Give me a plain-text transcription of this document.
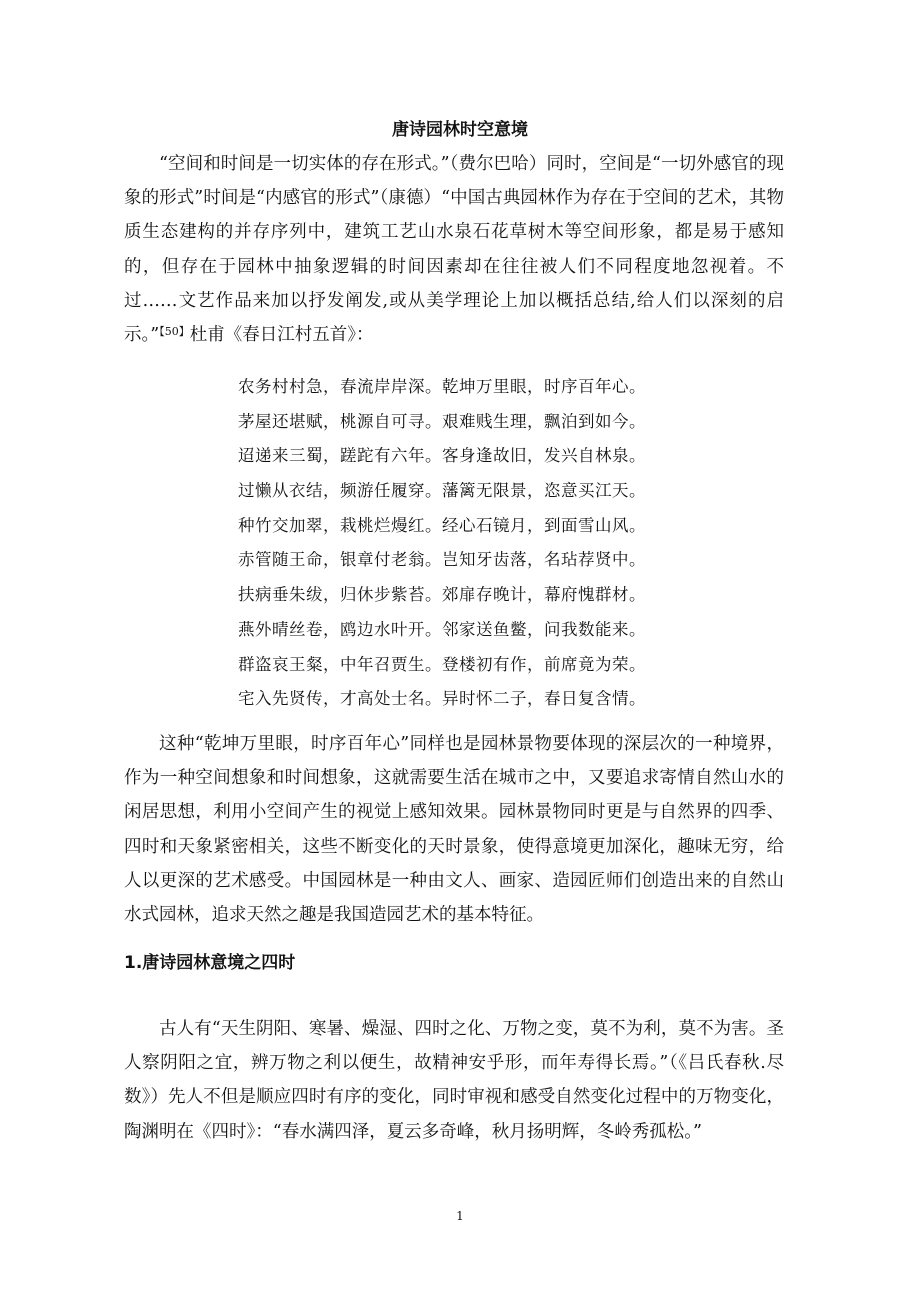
唐诗园林时空意境

“空间和时间是一切实体的存在形式。”（费尔巴哈）同时，空间是“一切外感官的现象的形式”时间是“内感官的形式”（康德）“中国古典园林作为存在于空间的艺术，其物质生态建构的并存序列中，建筑工艺山水泉石花草树木等空间形象，都是易于感知的，但存在于园林中抽象逻辑的时间因素却在往往被人们不同程度地忽视着。不过……文艺作品来加以抒发阐发,或从美学理论上加以概括总结,给人们以深刻的启示。”$^{【50】}$杜甫《春日江村五首》：

农务村村急，春流岸岸深。乾坤万里眼，时序百年心。
茅屋还堪赋，桃源自可寻。艰难贱生理，飘泊到如今。
迢递来三蜀，蹉跎有六年。客身逢故旧，发兴自林泉。
过懒从衣结，频游任履穿。藩篱无限景，恣意买江天。
种竹交加翠，栽桃烂熳红。经心石镜月，到面雪山风。
赤管随王命，银章付老翁。岂知牙齿落，名玷荐贤中。
扶病垂朱绂，归休步紫苔。郊扉存晚计，幕府愧群材。
燕外晴丝卷，鸥边水叶开。邻家送鱼鳖，问我数能来。
群盗哀王粲，中年召贾生。登楼初有作，前席竟为荣。
宅入先贤传，才高处士名。异时怀二子，春日复含情。

这种“乾坤万里眼，时序百年心”同样也是园林景物要体现的深层次的一种境界，作为一种空间想象和时间想象，这就需要生活在城市之中，又要追求寄情自然山水的闲居思想，利用小空间产生的视觉上感知效果。园林景物同时更是与自然界的四季、四时和天象紧密相关，这些不断变化的天时景象，使得意境更加深化，趣味无穷，给人以更深的艺术感受。中国园林是一种由文人、画家、造园匠师们创造出来的自然山水式园林，追求天然之趣是我国造园艺术的基本特征。

1.唐诗园林意境之四时

古人有“天生阴阳、寒暑、燥湿、四时之化、万物之变，莫不为利，莫不为害。圣人察阴阳之宜，辨万物之利以便生，故精神安乎形，而年寿得长焉。”（《吕氏春秋.尽数》）先人不但是顺应四时有序的变化，同时审视和感受自然变化过程中的万物变化，陶渊明在《四时》：“春水满四泽，夏云多奇峰，秋月扬明辉，冬岭秀孤松。”

1
